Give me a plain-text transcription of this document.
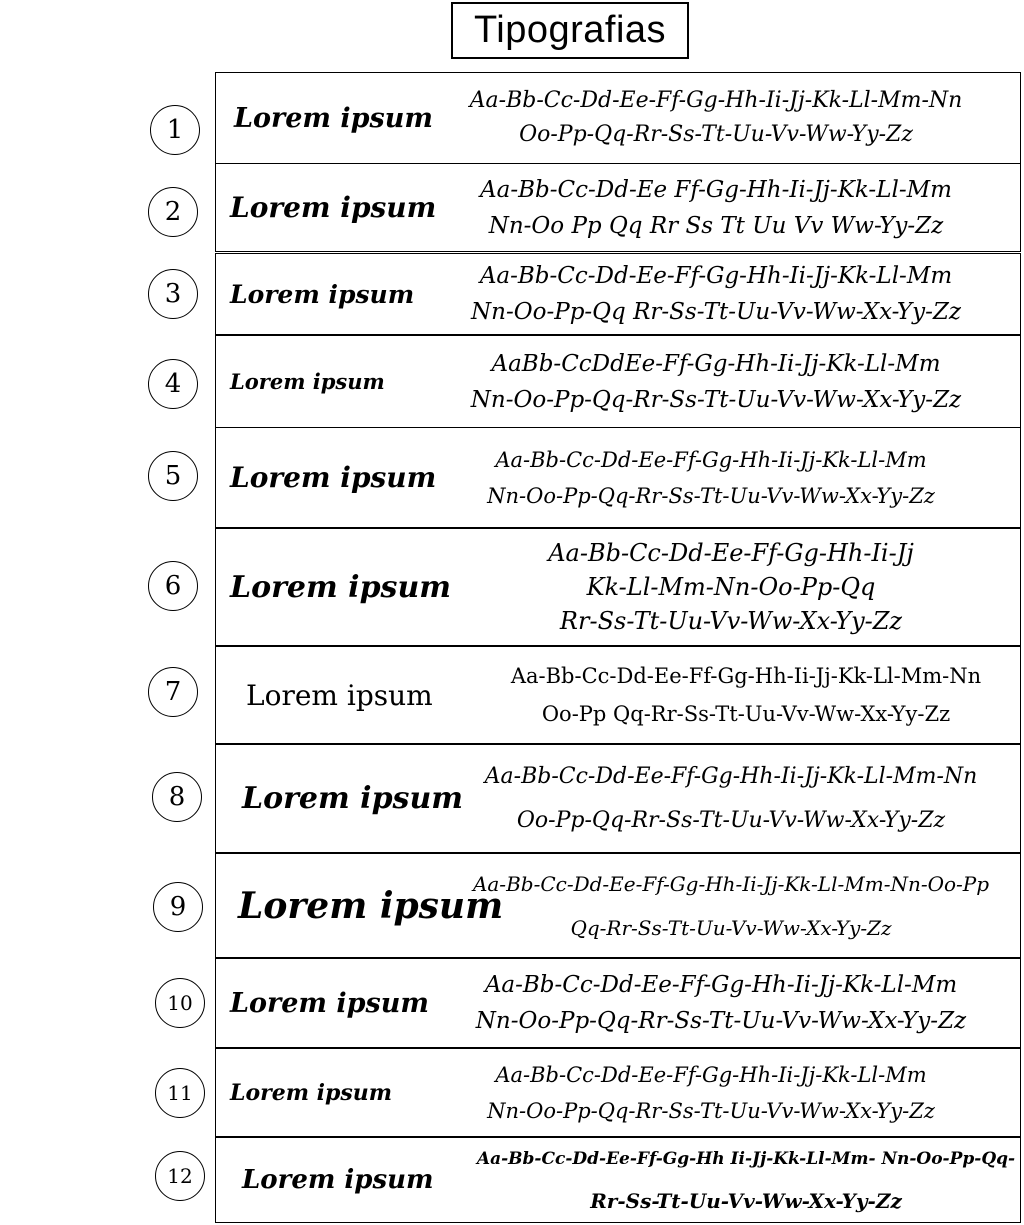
Tipografias
1	Lorem ipsum
Aa-Bb-Cc-Dd-Ee-Ff-Gg-Hh-Ii-Jj-Kk-Ll-Mm-Nn
Oo-Pp-Qq-Rr-Ss-Tt-Uu-Vv-Ww-Yy-Zz
2	Lorem ipsum
Aa-Bb-Cc-Dd-Ee Ff-Gg-Hh-Ii-Jj-Kk-Ll-Mm
Nn-Oo Pp Qq Rr Ss Tt Uu Vv Ww-Yy-Zz
3	Lorem ipsum
Aa-Bb-Cc-Dd-Ee-Ff-Gg-Hh-Ii-Jj-Kk-Ll-Mm
Nn-Oo-Pp-Qq Rr-Ss-Tt-Uu-Vv-Ww-Xx-Yy-Zz
4	Lorem ipsum
AaBb-CcDdEe-Ff-Gg-Hh-Ii-Jj-Kk-Ll-Mm
Nn-Oo-Pp-Qq-Rr-Ss-Tt-Uu-Vv-Ww-Xx-Yy-Zz
5	Lorem ipsum
Aa-Bb-Cc-Dd-Ee-Ff-Gg-Hh-Ii-Jj-Kk-Ll-Mm
Nn-Oo-Pp-Qq-Rr-Ss-Tt-Uu-Vv-Ww-Xx-Yy-Zz
6	Lorem ipsum
Aa-Bb-Cc-Dd-Ee-Ff-Gg-Hh-Ii-Jj
Kk-Ll-Mm-Nn-Oo-Pp-Qq
Rr-Ss-Tt-Uu-Vv-Ww-Xx-Yy-Zz
7	Lorem ipsum
Aa-Bb-Cc-Dd-Ee-Ff-Gg-Hh-Ii-Jj-Kk-Ll-Mm-Nn
Oo-Pp Qq-Rr-Ss-Tt-Uu-Vv-Ww-Xx-Yy-Zz
8	Lorem ipsum
Aa-Bb-Cc-Dd-Ee-Ff-Gg-Hh-Ii-Jj-Kk-Ll-Mm-Nn
Oo-Pp-Qq-Rr-Ss-Tt-Uu-Vv-Ww-Xx-Yy-Zz
9	Lorem ipsum
Aa-Bb-Cc-Dd-Ee-Ff-Gg-Hh-Ii-Jj-Kk-Ll-Mm-Nn-Oo-Pp
Qq-Rr-Ss-Tt-Uu-Vv-Ww-Xx-Yy-Zz
10	Lorem ipsum
Aa-Bb-Cc-Dd-Ee-Ff-Gg-Hh-Ii-Jj-Kk-Ll-Mm
Nn-Oo-Pp-Qq-Rr-Ss-Tt-Uu-Vv-Ww-Xx-Yy-Zz
11	Lorem ipsum
Aa-Bb-Cc-Dd-Ee-Ff-Gg-Hh-Ii-Jj-Kk-Ll-Mm
Nn-Oo-Pp-Qq-Rr-Ss-Tt-Uu-Vv-Ww-Xx-Yy-Zz
12	Lorem ipsum
Aa-Bb-Cc-Dd-Ee-Ff-Gg-Hh Ii-Jj-Kk-Ll-Mm- Nn-Oo-Pp-Qq-
Rr-Ss-Tt-Uu-Vv-Ww-Xx-Yy-Zz
